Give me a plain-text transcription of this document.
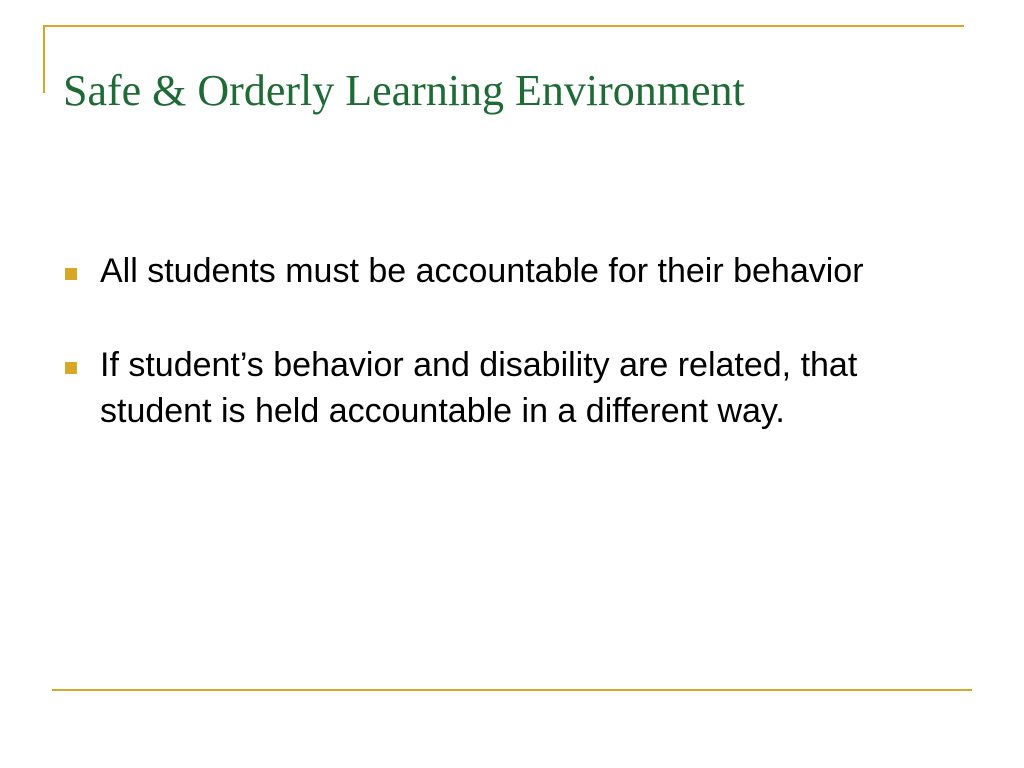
Safe & Orderly Learning Environment
All students must be accountable for their behavior
If student’s behavior and disability are related, that student is held accountable in a different way.
